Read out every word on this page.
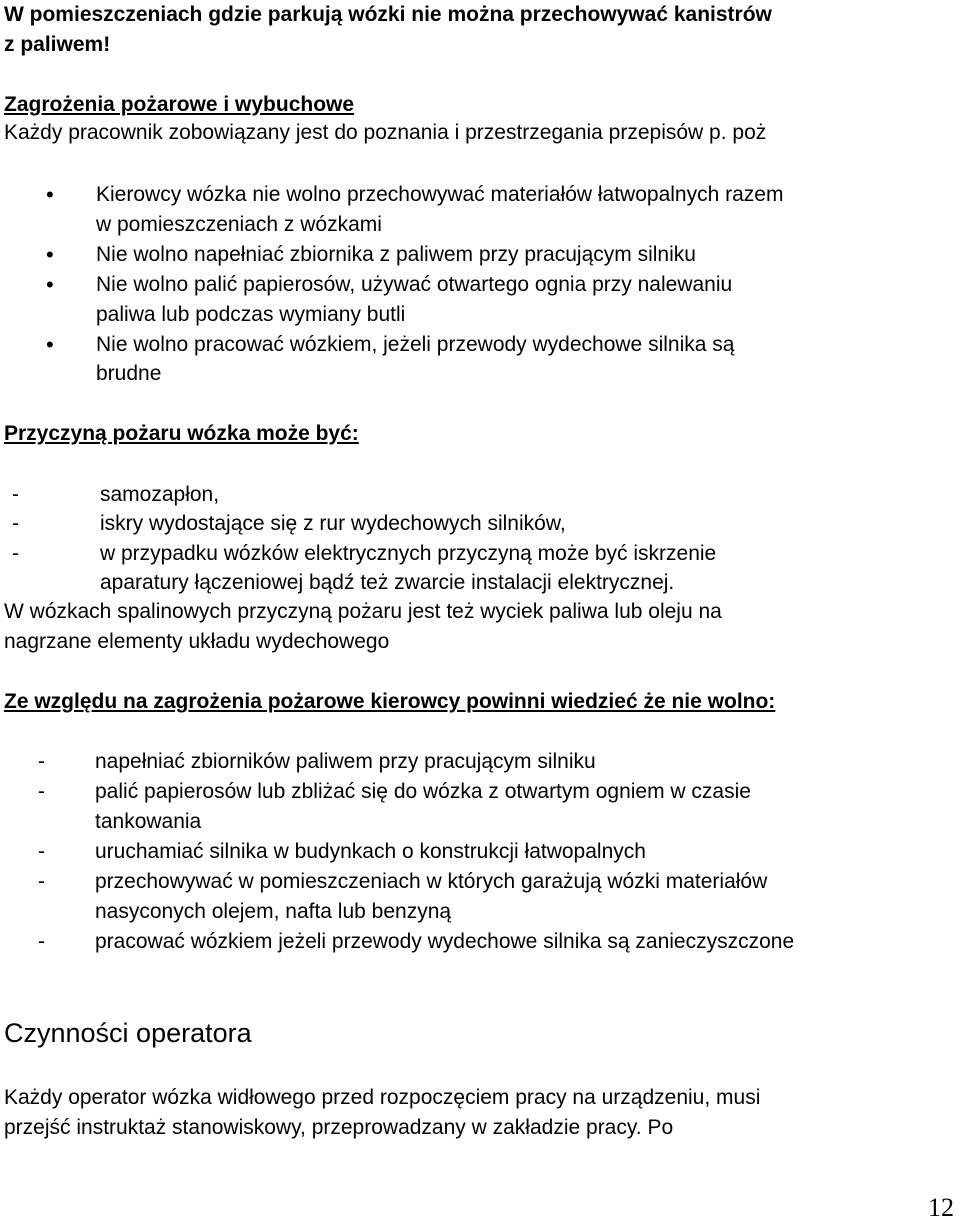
W pomieszczeniach gdzie parkują wózki nie można przechowywać kanistrów
z paliwem!
Zagrożenia pożarowe i wybuchowe
Każdy pracownik zobowiązany jest do poznania i przestrzegania przepisów p. poż
• Kierowcy wózka nie wolno przechowywać materiałów łatwopalnych razem
w pomieszczeniach z wózkami
• Nie wolno napełniać zbiornika z paliwem przy pracującym silniku
• Nie wolno palić papierosów, używać otwartego ognia przy nalewaniu
paliwa lub podczas wymiany butli
• Nie wolno pracować wózkiem, jeżeli przewody wydechowe silnika są
brudne
Przyczyną pożaru wózka może być:
-	samozapłon,
-	iskry wydostające się z rur wydechowych silników,
-	w przypadku wózków elektrycznych przyczyną może być iskrzenie
aparatury łączeniowej bądź też zwarcie instalacji elektrycznej.
W wózkach spalinowych przyczyną pożaru jest też wyciek paliwa lub oleju na
nagrzane elementy układu wydechowego
Ze względu na zagrożenia pożarowe kierowcy powinni wiedzieć że nie wolno:
- napełniać zbiorników paliwem przy pracującym silniku
- palić papierosów lub zbliżać się do wózka z otwartym ogniem w czasie
tankowania
- uruchamiać silnika w budynkach o konstrukcji łatwopalnych
- przechowywać w pomieszczeniach w których garażują wózki materiałów
nasyconych olejem, nafta lub benzyną
- pracować wózkiem jeżeli przewody wydechowe silnika są zanieczyszczone
Czynności operatora
Każdy operator wózka widłowego przed rozpoczęciem pracy na urządzeniu, musi
przejść instruktaż stanowiskowy, przeprowadzany w zakładzie pracy. Po
12
